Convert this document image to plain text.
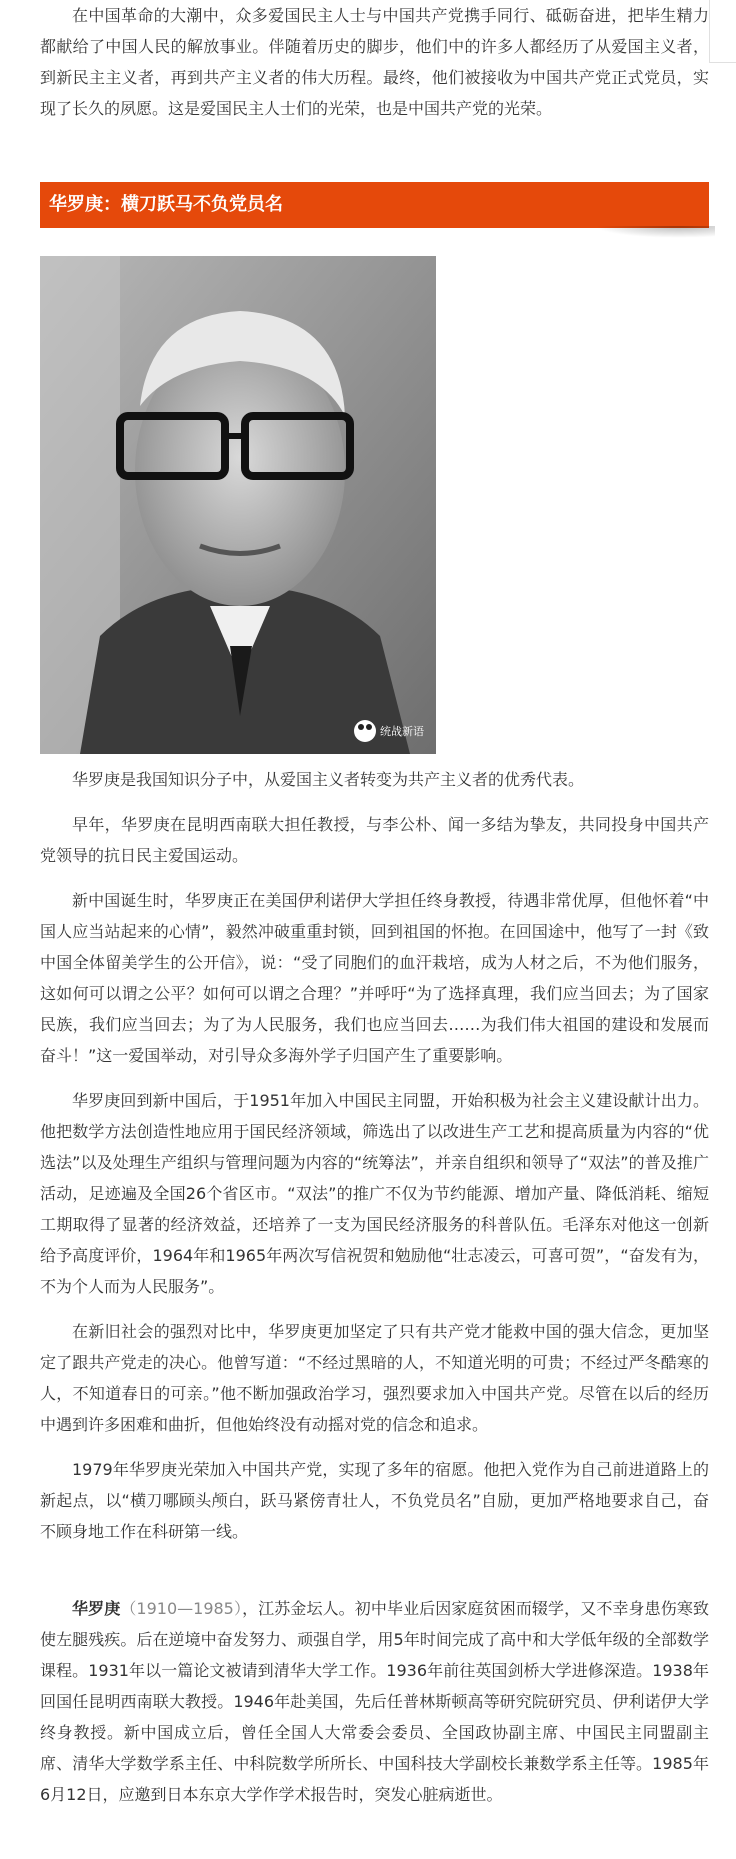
在中国革命的大潮中，众多爱国民主人士与中国共产党携手同行、砥砺奋进，把毕生精力都献给了中国人民的解放事业。伴随着历史的脚步，他们中的许多人都经历了从爱国主义者，到新民主主义者，再到共产主义者的伟大历程。最终，他们被接收为中国共产党正式党员，实现了长久的夙愿。这是爱国民主人士们的光荣，也是中国共产党的光荣。

华罗庚：横刀跃马不负党员名
统战新语

华罗庚是我国知识分子中，从爱国主义者转变为共产主义者的优秀代表。

早年，华罗庚在昆明西南联大担任教授，与李公朴、闻一多结为挚友，共同投身中国共产党领导的抗日民主爱国运动。

新中国诞生时，华罗庚正在美国伊利诺伊大学担任终身教授，待遇非常优厚，但他怀着“中国人应当站起来的心情”，毅然冲破重重封锁，回到祖国的怀抱。在回国途中，他写了一封《致中国全体留美学生的公开信》，说：“受了同胞们的血汗栽培，成为人材之后，不为他们服务，这如何可以谓之公平？如何可以谓之合理？”并呼吁“为了选择真理，我们应当回去；为了国家民族，我们应当回去；为了为人民服务，我们也应当回去……为我们伟大祖国的建设和发展而奋斗！”这一爱国举动，对引导众多海外学子归国产生了重要影响。

华罗庚回到新中国后，于1951年加入中国民主同盟，开始积极为社会主义建设献计出力。他把数学方法创造性地应用于国民经济领域，筛选出了以改进生产工艺和提高质量为内容的“优选法”以及处理生产组织与管理问题为内容的“统筹法”，并亲自组织和领导了“双法”的普及推广活动，足迹遍及全国26个省区市。“双法”的推广不仅为节约能源、增加产量、降低消耗、缩短工期取得了显著的经济效益，还培养了一支为国民经济服务的科普队伍。毛泽东对他这一创新给予高度评价，1964年和1965年两次写信祝贺和勉励他“壮志凌云，可喜可贺”，“奋发有为，不为个人而为人民服务”。

在新旧社会的强烈对比中，华罗庚更加坚定了只有共产党才能救中国的强大信念，更加坚定了跟共产党走的决心。他曾写道：“不经过黑暗的人，不知道光明的可贵；不经过严冬酷寒的人，不知道春日的可亲。”他不断加强政治学习，强烈要求加入中国共产党。尽管在以后的经历中遇到许多困难和曲折，但他始终没有动摇对党的信念和追求。

1979年华罗庚光荣加入中国共产党，实现了多年的宿愿。他把入党作为自己前进道路上的新起点，以“横刀哪顾头颅白，跃马紧傍青壮人，不负党员名”自励，更加严格地要求自己，奋不顾身地工作在科研第一线。

华罗庚（1910—1985），江苏金坛人。初中毕业后因家庭贫困而辍学，又不幸身患伤寒致使左腿残疾。后在逆境中奋发努力、顽强自学，用5年时间完成了高中和大学低年级的全部数学课程。1931年以一篇论文被请到清华大学工作。1936年前往英国剑桥大学进修深造。1938年回国任昆明西南联大教授。1946年赴美国，先后任普林斯顿高等研究院研究员、伊利诺伊大学终身教授。新中国成立后，曾任全国人大常委会委员、全国政协副主席、中国民主同盟副主席、清华大学数学系主任、中科院数学所所长、中国科技大学副校长兼数学系主任等。1985年6月12日，应邀到日本东京大学作学术报告时，突发心脏病逝世。
